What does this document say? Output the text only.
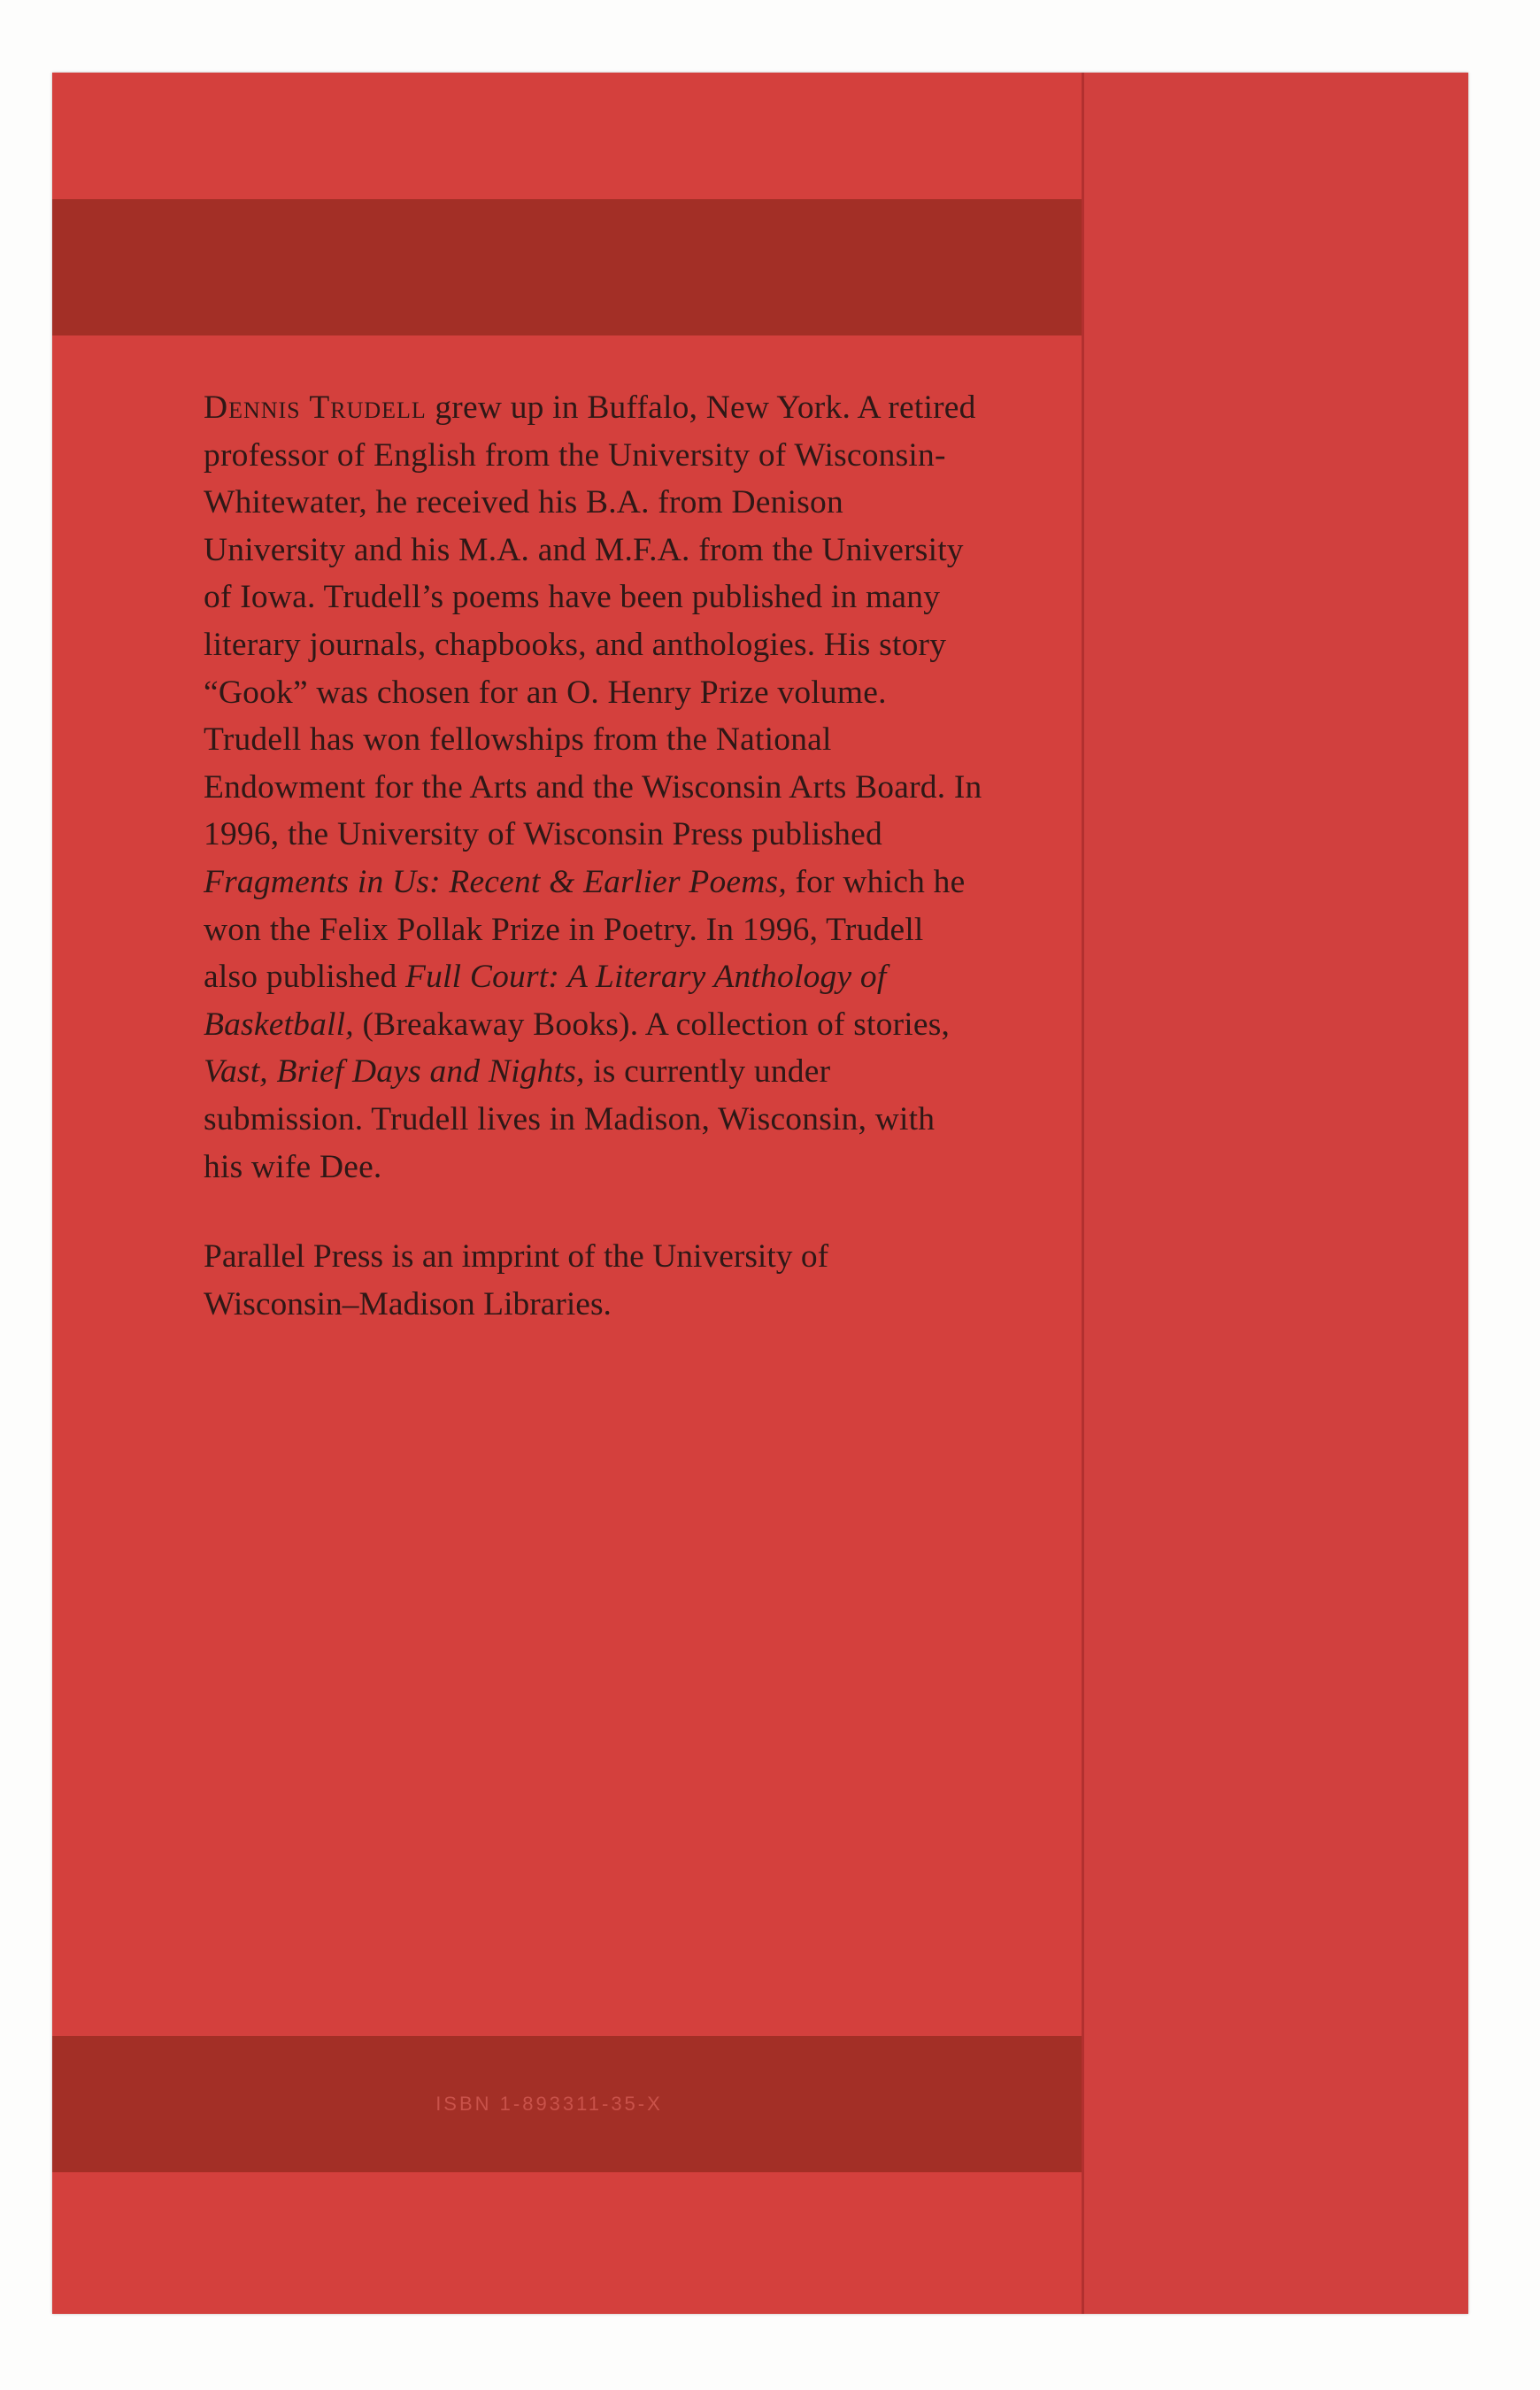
Dennis Trudell grew up in Buffalo, New York. A retired professor of English from the University of Wisconsin-Whitewater, he received his B.A. from Denison University and his M.A. and M.F.A. from the University of Iowa. Trudell’s poems have been published in many literary journals, chapbooks, and anthologies. His story “Gook” was chosen for an O. Henry Prize volume. Trudell has won fellowships from the National Endowment for the Arts and the Wisconsin Arts Board. In 1996, the University of Wisconsin Press published Fragments in Us: Recent & Earlier Poems, for which he won the Felix Pollak Prize in Poetry. In 1996, Trudell also published Full Court: A Literary Anthology of Basketball, (Breakaway Books). A collection of stories, Vast, Brief Days and Nights, is currently under submission. Trudell lives in Madison, Wisconsin, with his wife Dee.

Parallel Press is an imprint of the University of Wisconsin–Madison Libraries.

ISBN 1-893311-35-X
